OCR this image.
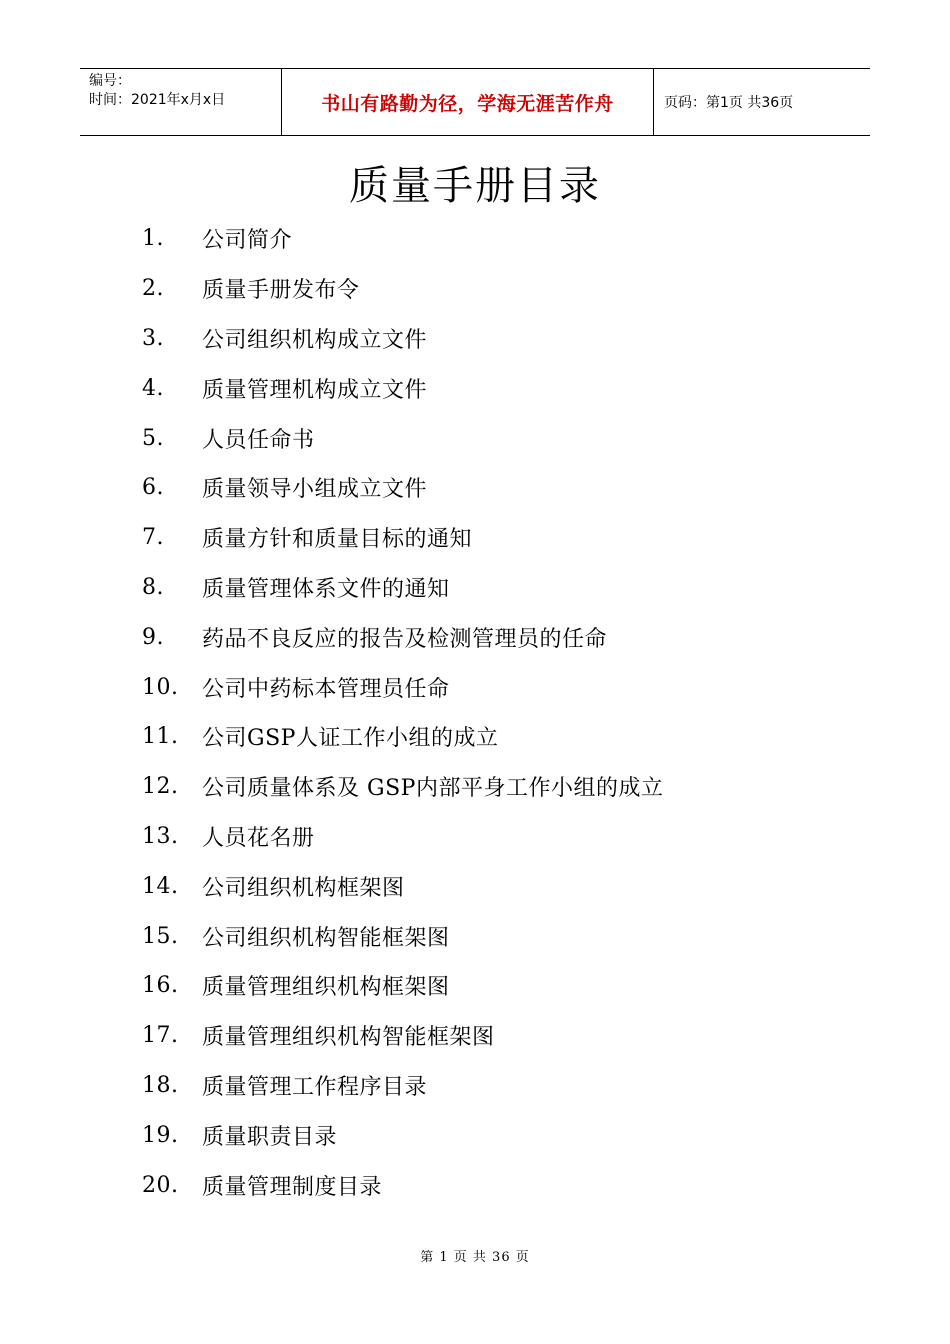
编号：
时间：2021年x月x日	书山有路勤为径，学海无涯苦作舟	页码：第1页 共36页
质量手册目录
1.	公司简介
2.	质量手册发布令
3.	公司组织机构成立文件
4.	质量管理机构成立文件
5.	人员任命书
6.	质量领导小组成立文件
7.	质量方针和质量目标的通知
8.	质量管理体系文件的通知
9.	药品不良反应的报告及检测管理员的任命
10.	公司中药标本管理员任命
11.	公司GSP人证工作小组的成立
12.	公司质量体系及 GSP内部平身工作小组的成立
13.	人员花名册
14.	公司组织机构框架图
15.	公司组织机构智能框架图
16.	质量管理组织机构框架图
17.	质量管理组织机构智能框架图
18.	质量管理工作程序目录
19.	质量职责目录
20.	质量管理制度目录
第 1 页 共 36 页
